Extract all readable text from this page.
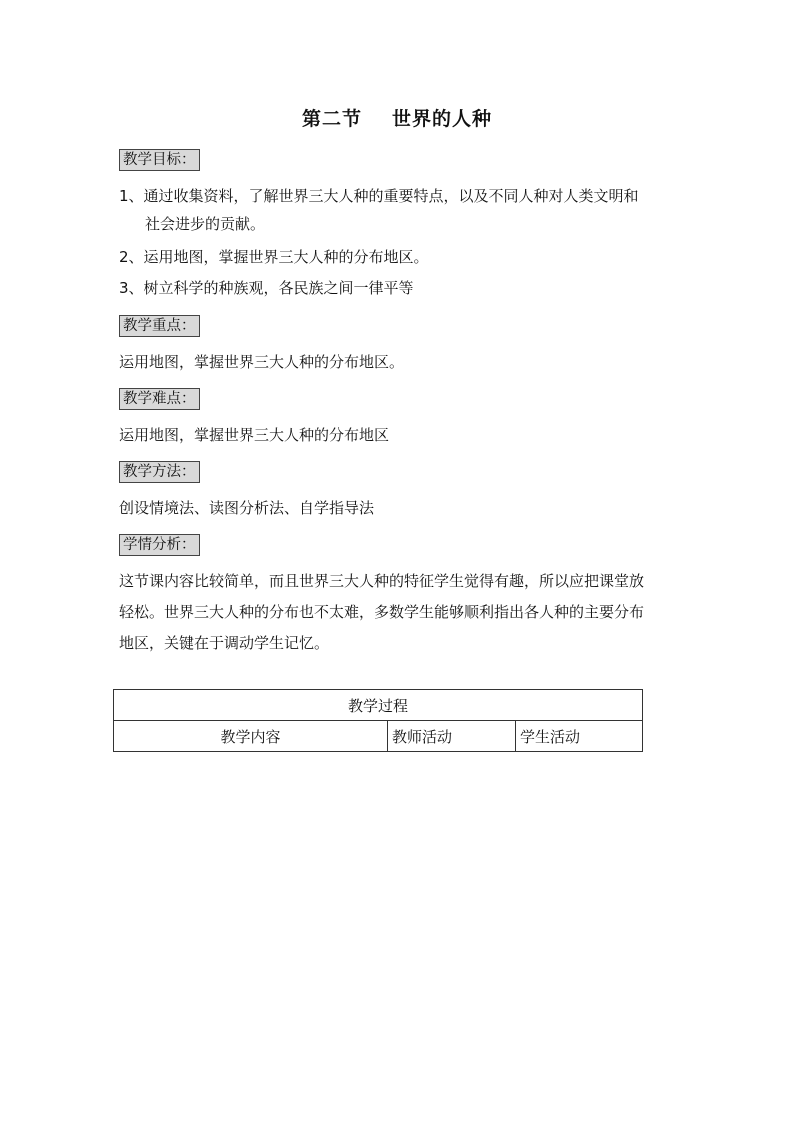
第二节 世界的人种
教学目标：
1、通过收集资料，了解世界三大人种的重要特点，以及不同人种对人类文明和
社会进步的贡献。
2、运用地图，掌握世界三大人种的分布地区。
3、树立科学的种族观，各民族之间一律平等
教学重点：
运用地图，掌握世界三大人种的分布地区。
教学难点：
运用地图，掌握世界三大人种的分布地区
教学方法：
创设情境法、读图分析法、自学指导法
学情分析：
这节课内容比较简单，而且世界三大人种的特征学生觉得有趣，所以应把课堂放
轻松。世界三大人种的分布也不太难，多数学生能够顺利指出各人种的主要分布
地区，关键在于调动学生记忆。
教学过程
教学内容	教师活动	学生活动
